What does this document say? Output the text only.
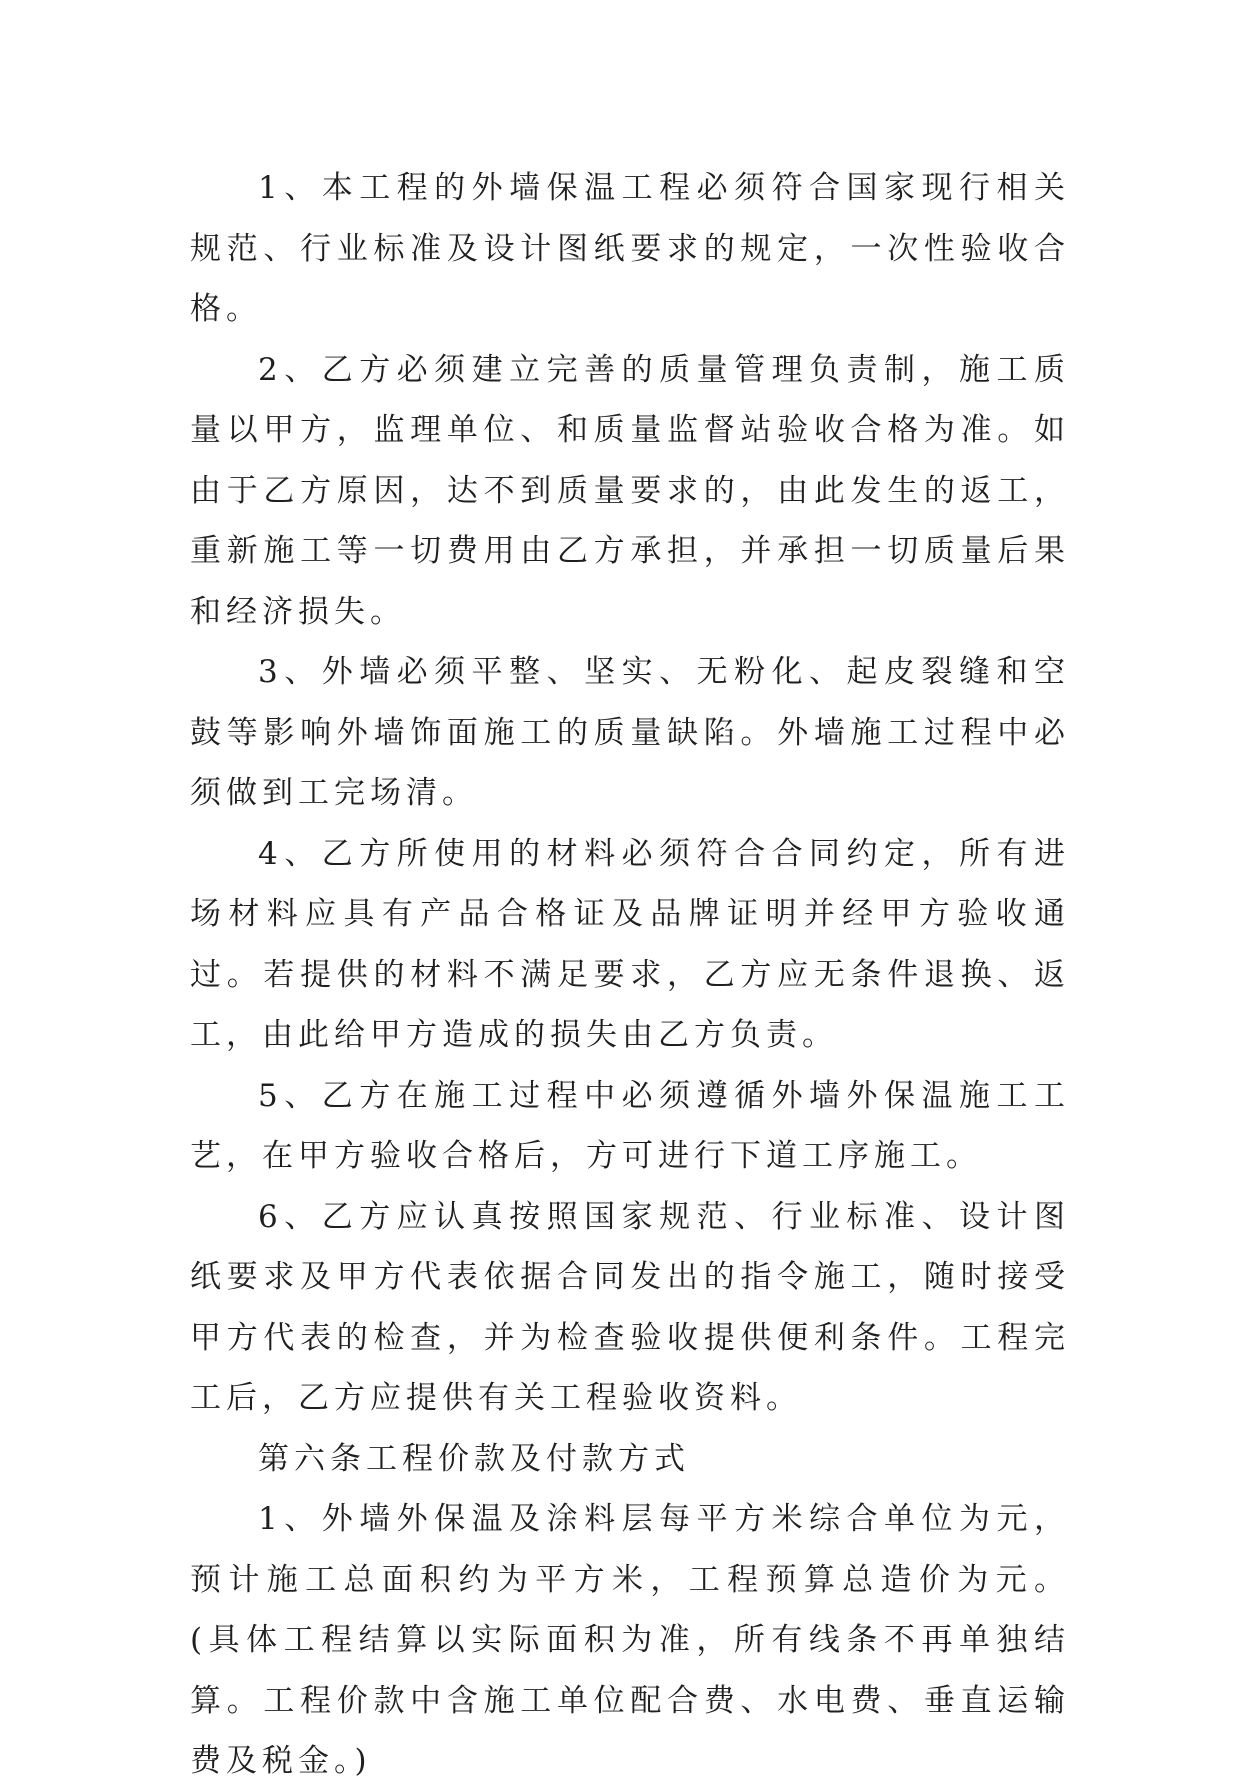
1、本工程的外墙保温工程必须符合国家现行相关规范、行业标准及设计图纸要求的规定，一次性验收合格。

2、乙方必须建立完善的质量管理负责制，施工质量以甲方，监理单位、和质量监督站验收合格为准。如由于乙方原因，达不到质量要求的，由此发生的返工，重新施工等一切费用由乙方承担，并承担一切质量后果和经济损失。

3、外墙必须平整、坚实、无粉化、起皮裂缝和空鼓等影响外墙饰面施工的质量缺陷。外墙施工过程中必须做到工完场清。

4、乙方所使用的材料必须符合合同约定，所有进场材料应具有产品合格证及品牌证明并经甲方验收通过。若提供的材料不满足要求，乙方应无条件退换、返工，由此给甲方造成的损失由乙方负责。

5、乙方在施工过程中必须遵循外墙外保温施工工艺，在甲方验收合格后，方可进行下道工序施工。

6、乙方应认真按照国家规范、行业标准、设计图纸要求及甲方代表依据合同发出的指令施工，随时接受甲方代表的检查，并为检查验收提供便利条件。工程完工后，乙方应提供有关工程验收资料。

第六条工程价款及付款方式

1、外墙外保温及涂料层每平方米综合单位为元，预计施工总面积约为平方米，工程预算总造价为元。(具体工程结算以实际面积为准，所有线条不再单独结算。工程价款中含施工单位配合费、水电费、垂直运输费及税金。)
